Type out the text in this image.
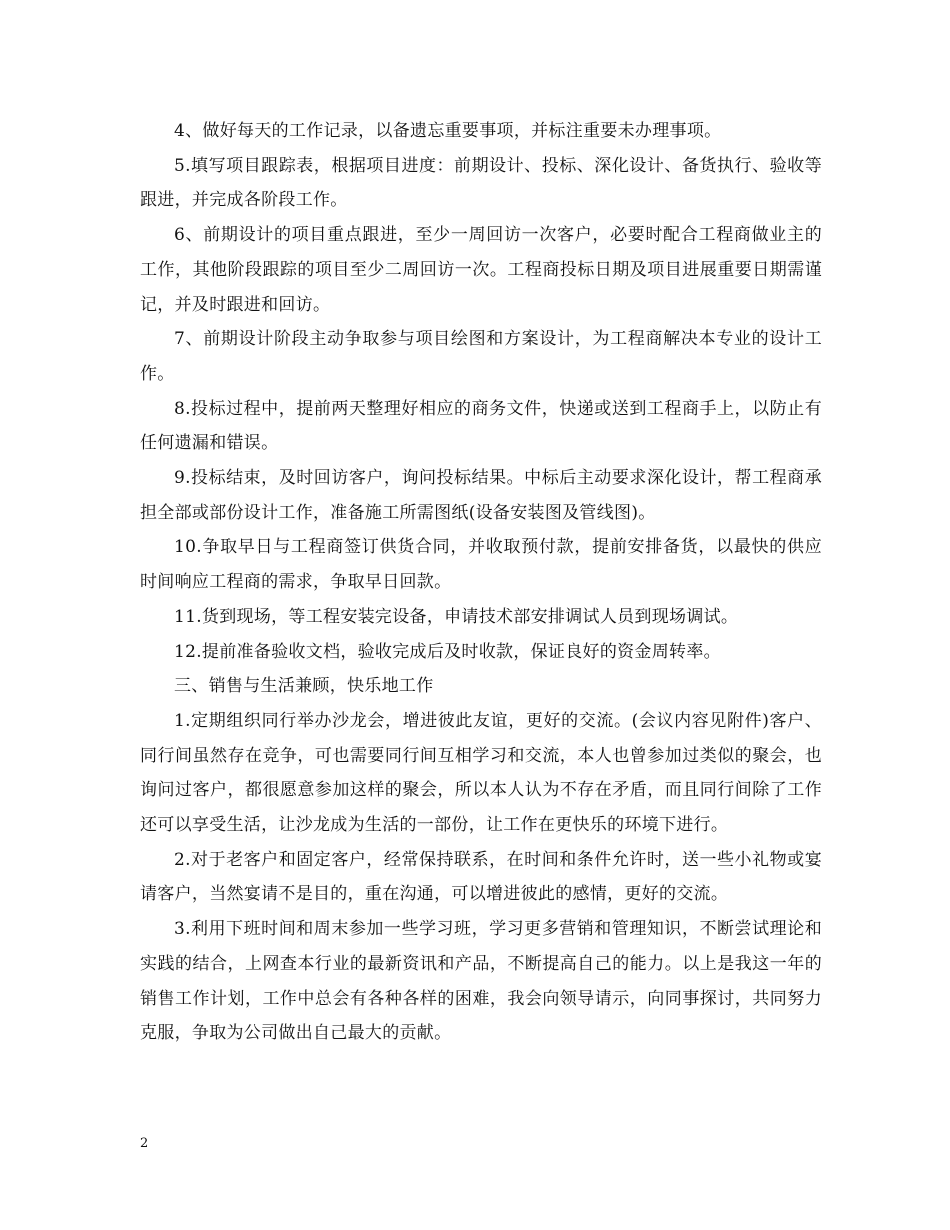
4、做好每天的工作记录，以备遗忘重要事项，并标注重要未办理事项。

5.填写项目跟踪表，根据项目进度：前期设计、投标、深化设计、备货执行、验收等跟进，并完成各阶段工作。

6、前期设计的项目重点跟进，至少一周回访一次客户，必要时配合工程商做业主的工作，其他阶段跟踪的项目至少二周回访一次。工程商投标日期及项目进展重要日期需谨记，并及时跟进和回访。

7、前期设计阶段主动争取参与项目绘图和方案设计，为工程商解决本专业的设计工作。

8.投标过程中，提前两天整理好相应的商务文件，快递或送到工程商手上，以防止有任何遗漏和错误。

9.投标结束，及时回访客户，询问投标结果。中标后主动要求深化设计，帮工程商承担全部或部份设计工作，准备施工所需图纸(设备安装图及管线图)。

10.争取早日与工程商签订供货合同，并收取预付款，提前安排备货，以最快的供应时间响应工程商的需求，争取早日回款。

11.货到现场，等工程安装完设备，申请技术部安排调试人员到现场调试。

12.提前准备验收文档，验收完成后及时收款，保证良好的资金周转率。

三、销售与生活兼顾，快乐地工作

1.定期组织同行举办沙龙会，增进彼此友谊，更好的交流。(会议内容见附件)客户、同行间虽然存在竞争，可也需要同行间互相学习和交流，本人也曾参加过类似的聚会，也询问过客户，都很愿意参加这样的聚会，所以本人认为不存在矛盾，而且同行间除了工作还可以享受生活，让沙龙成为生活的一部份，让工作在更快乐的环境下进行。

2.对于老客户和固定客户，经常保持联系，在时间和条件允许时，送一些小礼物或宴请客户，当然宴请不是目的，重在沟通，可以增进彼此的感情，更好的交流。

3.利用下班时间和周末参加一些学习班，学习更多营销和管理知识，不断尝试理论和实践的结合，上网查本行业的最新资讯和产品，不断提高自己的能力。以上是我这一年的销售工作计划，工作中总会有各种各样的困难，我会向领导请示，向同事探讨，共同努力克服，争取为公司做出自己最大的贡献。

2
